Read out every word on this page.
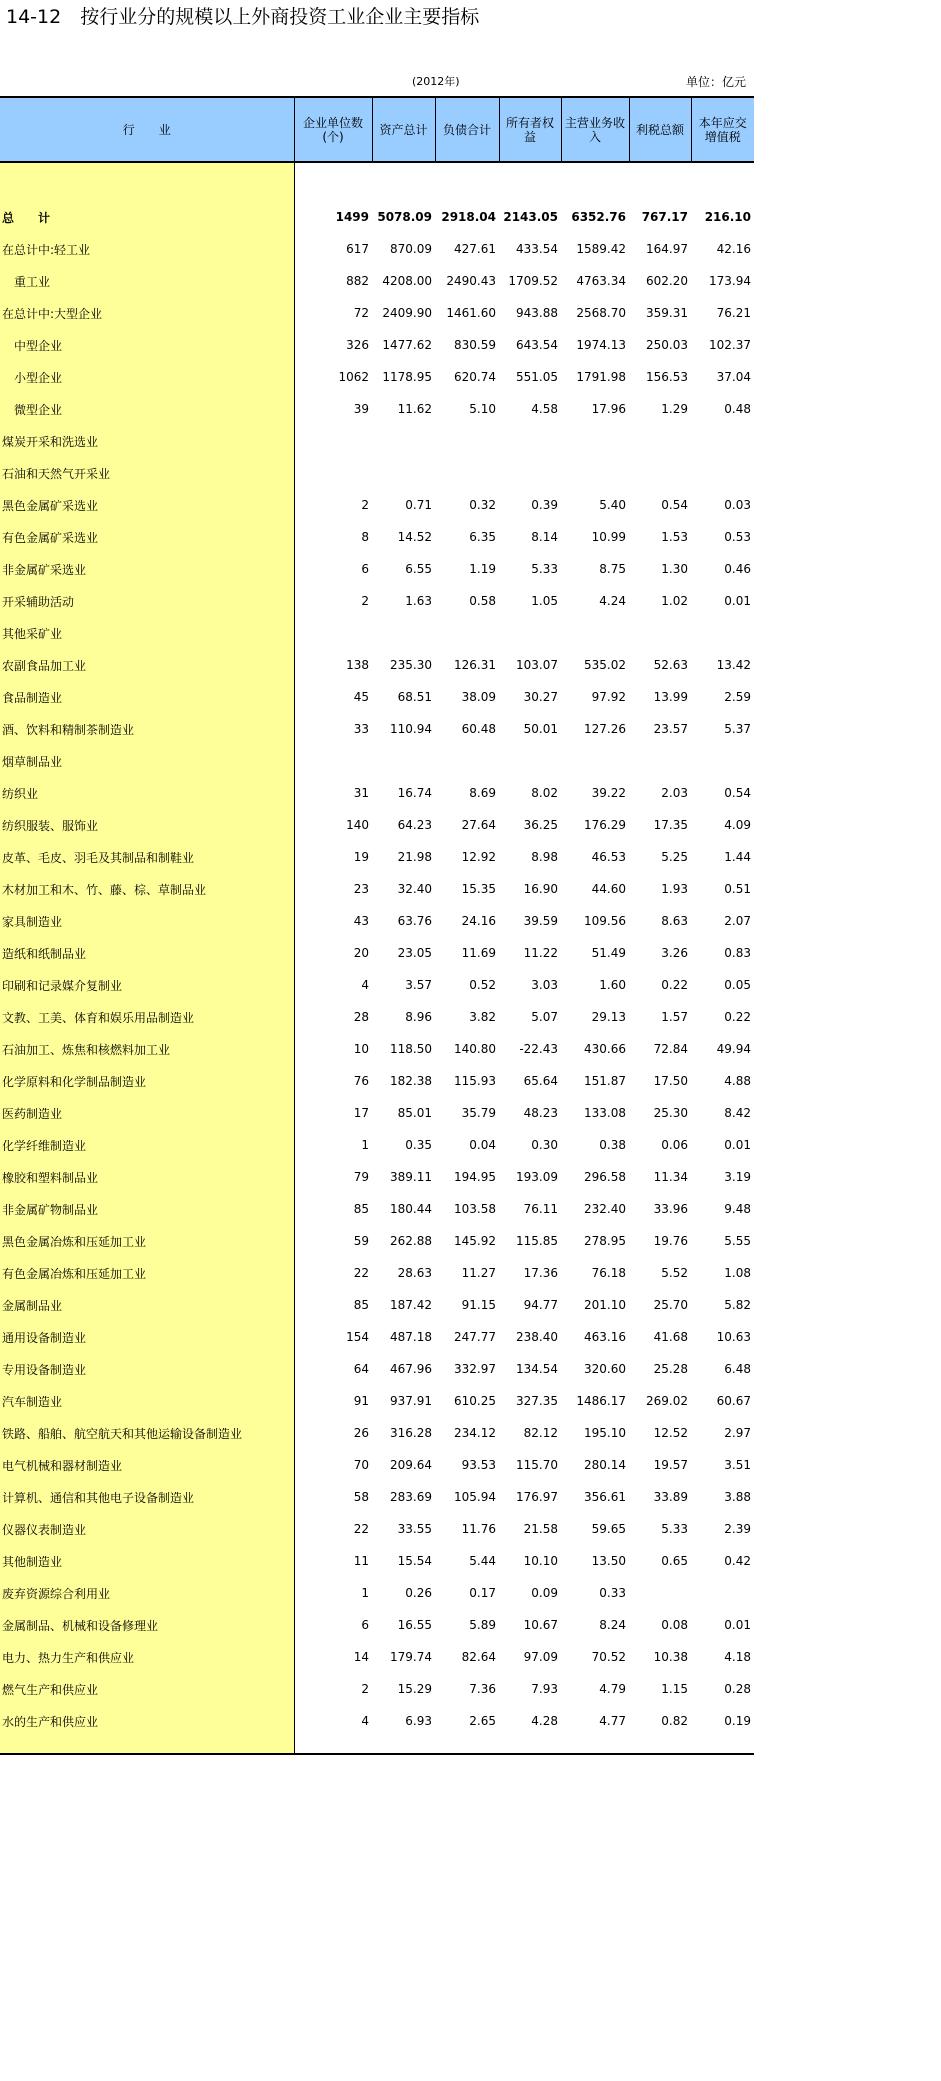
14-12　按行业分的规模以上外商投资工业企业主要指标
(2012年)	单位：亿元
行　　业	企业单位数(个)	资产总计	负债合计	所有者权益	主营业务收入	利税总额	本年应交增值税

总　　计	1499	5078.09	2918.04	2143.05	6352.76	767.17	216.10
在总计中:轻工业	617	870.09	427.61	433.54	1589.42	164.97	42.16
　重工业	882	4208.00	2490.43	1709.52	4763.34	602.20	173.94
在总计中:大型企业	72	2409.90	1461.60	943.88	2568.70	359.31	76.21
　中型企业	326	1477.62	830.59	643.54	1974.13	250.03	102.37
　小型企业	1062	1178.95	620.74	551.05	1791.98	156.53	37.04
　微型企业	39	11.62	5.10	4.58	17.96	1.29	0.48
煤炭开采和洗选业							
石油和天然气开采业							
黑色金属矿采选业	2	0.71	0.32	0.39	5.40	0.54	0.03
有色金属矿采选业	8	14.52	6.35	8.14	10.99	1.53	0.53
非金属矿采选业	6	6.55	1.19	5.33	8.75	1.30	0.46
开采辅助活动	2	1.63	0.58	1.05	4.24	1.02	0.01
其他采矿业							
农副食品加工业	138	235.30	126.31	103.07	535.02	52.63	13.42
食品制造业	45	68.51	38.09	30.27	97.92	13.99	2.59
酒、饮料和精制茶制造业	33	110.94	60.48	50.01	127.26	23.57	5.37
烟草制品业							
纺织业	31	16.74	8.69	8.02	39.22	2.03	0.54
纺织服装、服饰业	140	64.23	27.64	36.25	176.29	17.35	4.09
皮革、毛皮、羽毛及其制品和制鞋业	19	21.98	12.92	8.98	46.53	5.25	1.44
木材加工和木、竹、藤、棕、草制品业	23	32.40	15.35	16.90	44.60	1.93	0.51
家具制造业	43	63.76	24.16	39.59	109.56	8.63	2.07
造纸和纸制品业	20	23.05	11.69	11.22	51.49	3.26	0.83
印刷和记录媒介复制业	4	3.57	0.52	3.03	1.60	0.22	0.05
文教、工美、体育和娱乐用品制造业	28	8.96	3.82	5.07	29.13	1.57	0.22
石油加工、炼焦和核燃料加工业	10	118.50	140.80	-22.43	430.66	72.84	49.94
化学原料和化学制品制造业	76	182.38	115.93	65.64	151.87	17.50	4.88
医药制造业	17	85.01	35.79	48.23	133.08	25.30	8.42
化学纤维制造业	1	0.35	0.04	0.30	0.38	0.06	0.01
橡胶和塑料制品业	79	389.11	194.95	193.09	296.58	11.34	3.19
非金属矿物制品业	85	180.44	103.58	76.11	232.40	33.96	9.48
黑色金属冶炼和压延加工业	59	262.88	145.92	115.85	278.95	19.76	5.55
有色金属冶炼和压延加工业	22	28.63	11.27	17.36	76.18	5.52	1.08
金属制品业	85	187.42	91.15	94.77	201.10	25.70	5.82
通用设备制造业	154	487.18	247.77	238.40	463.16	41.68	10.63
专用设备制造业	64	467.96	332.97	134.54	320.60	25.28	6.48
汽车制造业	91	937.91	610.25	327.35	1486.17	269.02	60.67
铁路、船舶、航空航天和其他运输设备制造业	26	316.28	234.12	82.12	195.10	12.52	2.97
电气机械和器材制造业	70	209.64	93.53	115.70	280.14	19.57	3.51
计算机、通信和其他电子设备制造业	58	283.69	105.94	176.97	356.61	33.89	3.88
仪器仪表制造业	22	33.55	11.76	21.58	59.65	5.33	2.39
其他制造业	11	15.54	5.44	10.10	13.50	0.65	0.42
废弃资源综合利用业	1	0.26	0.17	0.09	0.33		
金属制品、机械和设备修理业	6	16.55	5.89	10.67	8.24	0.08	0.01
电力、热力生产和供应业	14	179.74	82.64	97.09	70.52	10.38	4.18
燃气生产和供应业	2	15.29	7.36	7.93	4.79	1.15	0.28
水的生产和供应业	4	6.93	2.65	4.28	4.77	0.82	0.19
